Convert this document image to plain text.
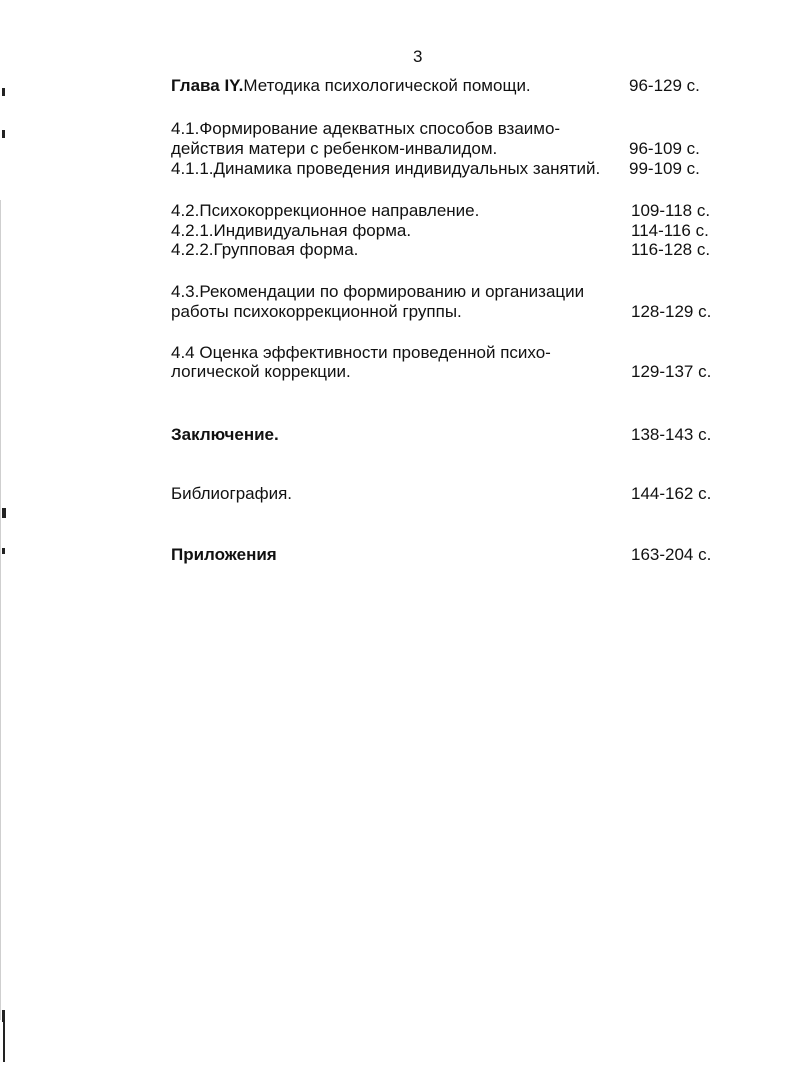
3
Глава IY.Методика психологической помощи.	96-129 с.
4.1.Формирование адекватных способов взаимо-
действия матери с ребенком-инвалидом.	96-109 с.
4.1.1.Динамика проведения индивидуальных занятий. 99-109 с.
4.2.Психокоррекционное направление.	109-118 с.
4.2.1.Индивидуальная форма.	114-116 с.
4.2.2.Групповая форма.	116-128 с.
4.3.Рекомендации по формированию и организации
работы психокоррекционной группы.	128-129 с.
4.4 Оценка эффективности проведенной психо-
логической коррекции.	129-137 с.
Заключение.	138-143 с.
Библиография.	144-162 с.
Приложения	163-204 с.
